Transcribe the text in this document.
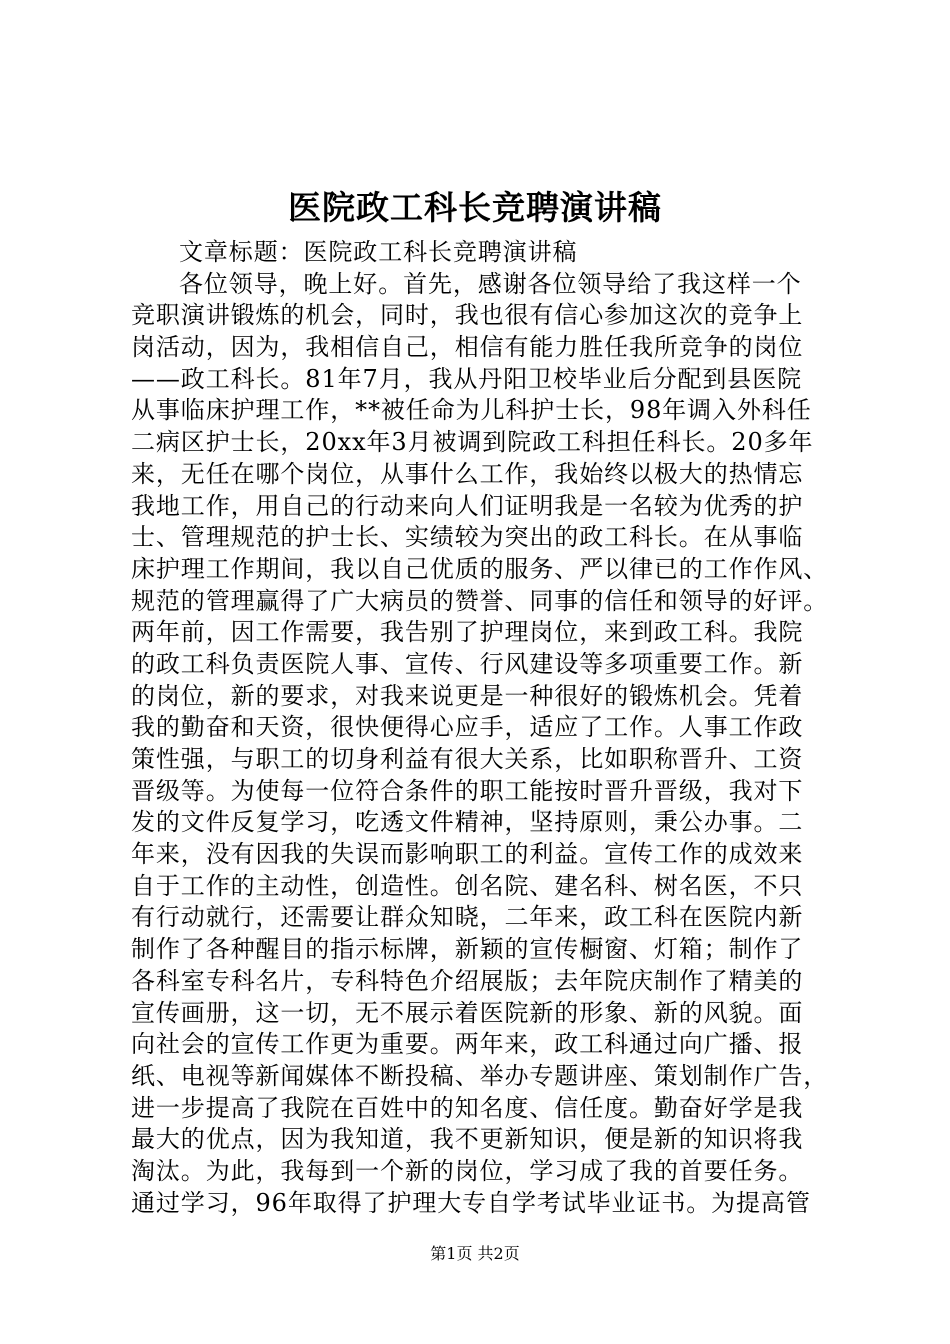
医院政工科长竞聘演讲稿
文章标题：医院政工科长竞聘演讲稿
各位领导，晚上好。首先，感谢各位领导给了我这样一个
竞职演讲锻炼的机会，同时，我也很有信心参加这次的竞争上
岗活动，因为，我相信自己，相信有能力胜任我所竞争的岗位
——政工科长。81年7月，我从丹阳卫校毕业后分配到县医院
从事临床护理工作，**被任命为儿科护士长，98年调入外科任
二病区护士长，20xx年3月被调到院政工科担任科长。20多年
来，无任在哪个岗位，从事什么工作，我始终以极大的热情忘
我地工作，用自己的行动来向人们证明我是一名较为优秀的护
士、管理规范的护士长、实绩较为突出的政工科长。在从事临
床护理工作期间，我以自己优质的服务、严以律已的工作作风、
规范的管理赢得了广大病员的赞誉、同事的信任和领导的好评。
两年前，因工作需要，我告别了护理岗位，来到政工科。我院
的政工科负责医院人事、宣传、行风建设等多项重要工作。新
的岗位，新的要求，对我来说更是一种很好的锻炼机会。凭着
我的勤奋和天资，很快便得心应手，适应了工作。人事工作政
策性强，与职工的切身利益有很大关系，比如职称晋升、工资
晋级等。为使每一位符合条件的职工能按时晋升晋级，我对下
发的文件反复学习，吃透文件精神，坚持原则，秉公办事。二
年来，没有因我的失误而影响职工的利益。宣传工作的成效来
自于工作的主动性，创造性。创名院、建名科、树名医，不只
有行动就行，还需要让群众知晓，二年来，政工科在医院内新
制作了各种醒目的指示标牌，新颖的宣传橱窗、灯箱；制作了
各科室专科名片，专科特色介绍展版；去年院庆制作了精美的
宣传画册，这一切，无不展示着医院新的形象、新的风貌。面
向社会的宣传工作更为重要。两年来，政工科通过向广播、报
纸、电视等新闻媒体不断投稿、举办专题讲座、策划制作广告，
进一步提高了我院在百姓中的知名度、信任度。勤奋好学是我
最大的优点，因为我知道，我不更新知识，便是新的知识将我
淘汰。为此，我每到一个新的岗位，学习成了我的首要任务。
通过学习，96年取得了护理大专自学考试毕业证书。为提高管
第1页 共2页
